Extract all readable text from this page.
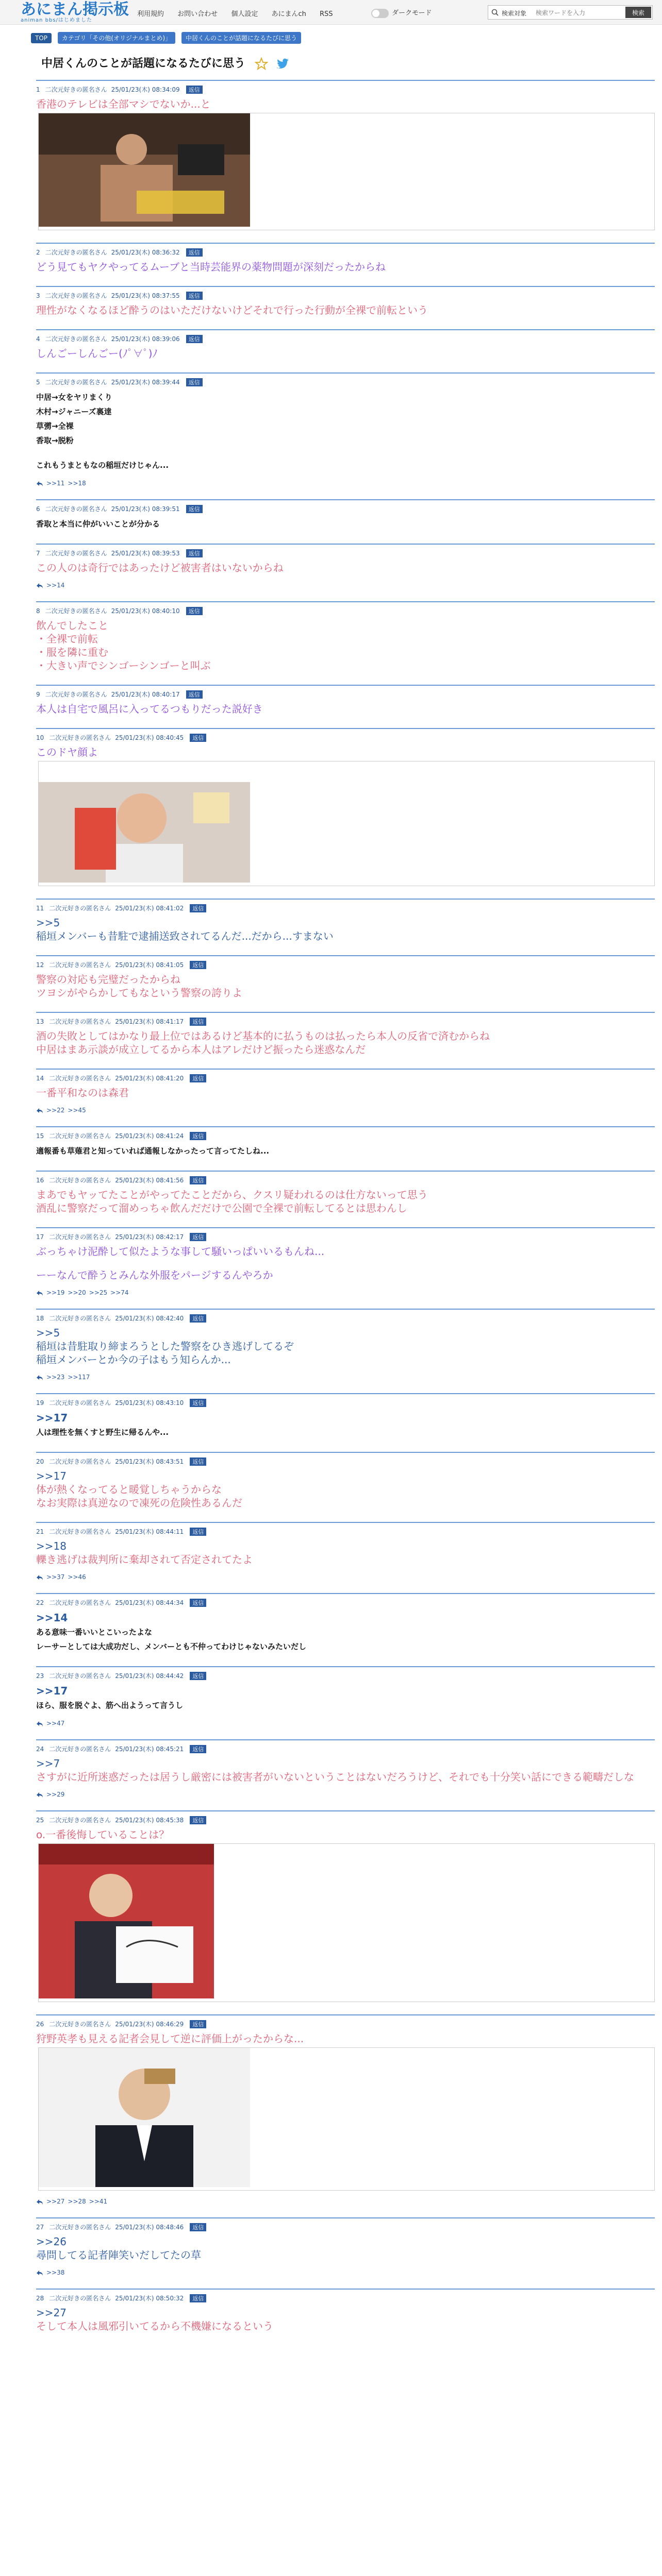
あにまん掲示板
animan bbs/はじめました
利用規約 お問い合わせ 個人設定 あにまんch RSS	ダークモード	検索対象
検索ワードを入力	検索
TOP カテゴリ「その他(オリジナルまとめ)」 中居くんのことが話題になるたびに思う
中居くんのことが話題になるたびに思う
1 二次元好きの匿名さん 25/01/23(木) 08:34:09 返信
香港のテレビは全部マシでないか...と
2 二次元好きの匿名さん 25/01/23(木) 08:36:32 返信
どう見てもヤクやってるムーブと当時芸能界の薬物問題が深刻だったからね
3 二次元好きの匿名さん 25/01/23(木) 08:37:55 返信
理性がなくなるほど酔うのはいただけないけどそれで行った行動が全裸で前転という
4 二次元好きの匿名さん 25/01/23(木) 08:39:06 返信
しんごーしんごー(ﾉﾟ∀ﾟ)ﾉ
5 二次元好きの匿名さん 25/01/23(木) 08:39:44 返信
中居→女をヤリまくり
木村→ジャニーズ裏達
草彅→全裸
香取→脱粉
これもうまともなの稲垣だけじゃん...
>>11 >>18
6 二次元好きの匿名さん 25/01/23(木) 08:39:51 返信
香取と本当に仲がいいことが分かる
7 二次元好きの匿名さん 25/01/23(木) 08:39:53 返信
この人のは奇行ではあったけど被害者はいないからね
>>14
8 二次元好きの匿名さん 25/01/23(木) 08:40:10 返信
飲んでしたこと
・全裸で前転
・服を隣に重む
・大きい声でシンゴーシンゴーと叫ぶ
9 二次元好きの匿名さん 25/01/23(木) 08:40:17 返信
本人は自宅で風呂に入ってるつもりだった説好き
10 二次元好きの匿名さん 25/01/23(木) 08:40:45 返信
このドヤ顔よ
11 二次元好きの匿名さん 25/01/23(木) 08:41:02 返信
>>5
稲垣メンバーも昔駐で逮捕送致されてるんだ...だから...すまない
12 二次元好きの匿名さん 25/01/23(木) 08:41:05 返信
警察の対応も完璧だったからね
ツヨシがやらかしてもなという警察の誇りよ
13 二次元好きの匿名さん 25/01/23(木) 08:41:17 返信
酒の失敗としてはかなり最上位ではあるけど基本的に払うものは払ったら本人の反省で済むからね
中居はまあ示談が成立してるから本人はアレだけど振ったら迷惑なんだ
14 二次元好きの匿名さん 25/01/23(木) 08:41:20 返信
一番平和なのは森君
>>22 >>45
15 二次元好きの匿名さん 25/01/23(木) 08:41:24 返信
適報番も草薙君と知っていれば通報しなかったって言ってたしね...
16 二次元好きの匿名さん 25/01/23(木) 08:41:56 返信
まあでもヤッてたことがやってたことだから、クスリ疑われるのは仕方ないって思う
酒乱に警察だって溜めっちゃ飲んだだけで公園で全裸で前転してるとは思わんし
17 二次元好きの匿名さん 25/01/23(木) 08:42:17 返信
ぶっちゃけ泥酔して似たような事して騒いっぱいいるもんね...
ーーなんで酔うとみんな外服をパージするんやろか
>>19 >>20 >>25 >>74
18 二次元好きの匿名さん 25/01/23(木) 08:42:40 返信
>>5
稲垣は昔駐取り締まろうとした警察をひき逃げしてるぞ
稲垣メンバーとか今の子はもう知らんか...
>>23 >>117
19 二次元好きの匿名さん 25/01/23(木) 08:43:10 返信
>>17
人は理性を無くすと野生に帰るんや...
20 二次元好きの匿名さん 25/01/23(木) 08:43:51 返信
>>17
体が熱くなってると暖覚しちゃうからな
なお実際は真逆なので凍死の危険性あるんだ
21 二次元好きの匿名さん 25/01/23(木) 08:44:11 返信
>>18
轢き逃げは裁判所に棄却されて否定されてたよ
>>37 >>46
22 二次元好きの匿名さん 25/01/23(木) 08:44:34 返信
>>14
ある意味一番いいとこいったよな
レーサーとしては大成功だし、メンバーとも不仲ってわけじゃないみたいだし
23 二次元好きの匿名さん 25/01/23(木) 08:44:42 返信
>>17
ほら、服を脱ぐよ、筋へ出ようって言うし
>>47
24 二次元好きの匿名さん 25/01/23(木) 08:45:21 返信
>>7
さすがに近所迷惑だったは居うし厳密には被害者がいないということはないだろうけど、それでも十分笑い話にできる範疇だしな
>>29
25 二次元好きの匿名さん 25/01/23(木) 08:45:38 返信
o.一番後悔していることは？
26 二次元好きの匿名さん 25/01/23(木) 08:46:29 返信
狩野英孝も見える記者会見して逆に評価上がったからな...
>>27 >>28 >>41
27 二次元好きの匿名さん 25/01/23(木) 08:48:46 返信
>>26
尋問してる記者陣笑いだしてたの草
>>38
28 二次元好きの匿名さん 25/01/23(木) 08:50:32 返信
>>27
そして本人は風邪引いてるから不機嫌になるという
